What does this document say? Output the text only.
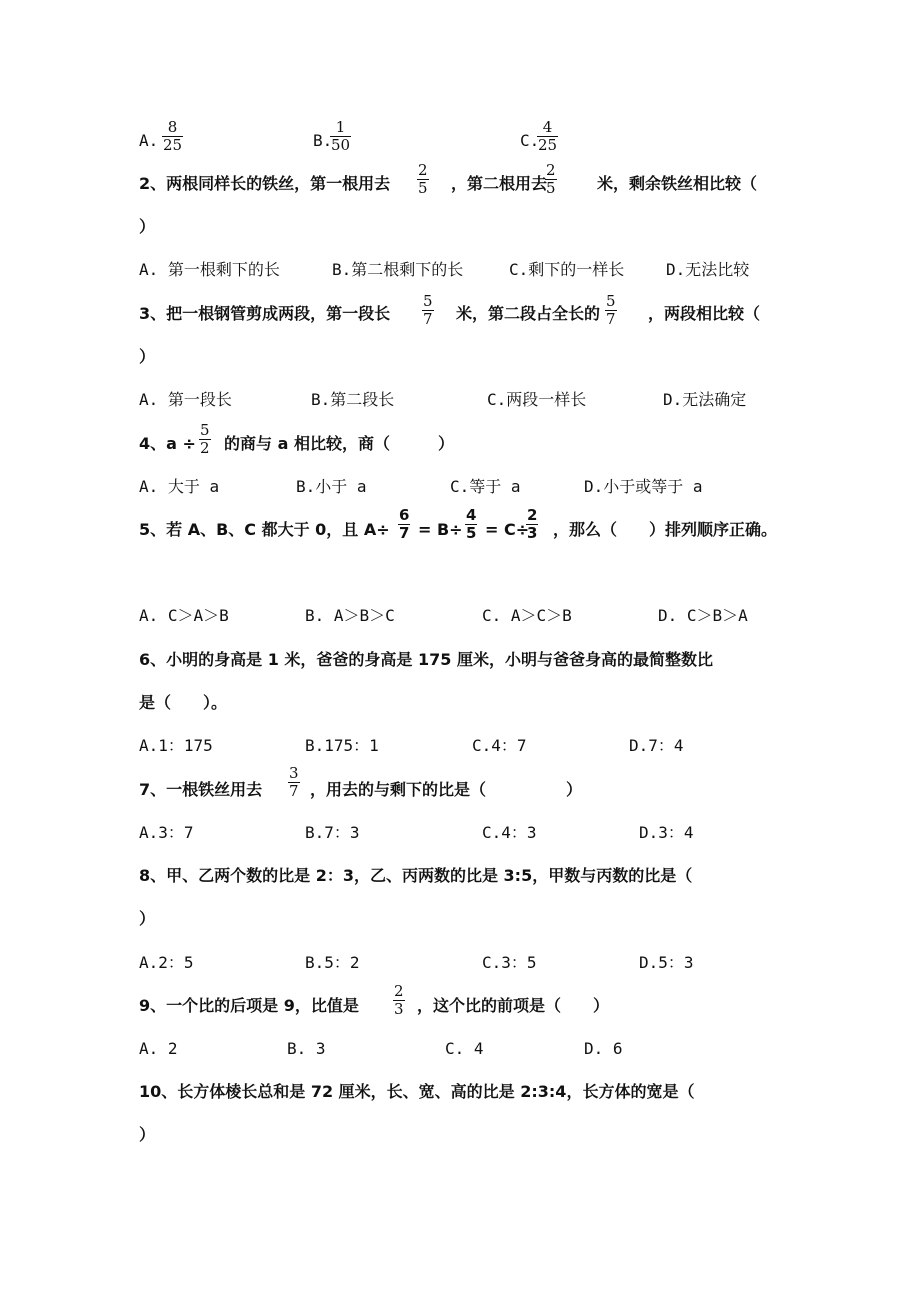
A.
8
25	B.
1
50	C.
4
25
2、两根同样长的铁丝，第一根用去
2
5 ，第二根用去
2
5	米，剩余铁丝相比较（
）
A. 第一根剩下的长	B.第二根剩下的长	C.剩下的一样长	D.无法比较
3、把一根钢管剪成两段，第一段长
5
7 米，第二段占全长的
5
7 ，两段相比较（
）
A. 第一段长	B.第二段长	C.两段一样长	D.无法确定
4、a ÷
5
2 的商与 a 相比较，商（　　　）
A. 大于 a	B.小于 a	C.等于 a	D.小于或等于 a
5、若 A、B、C 都大于 0，且 A÷
6
7 = B÷
4
5 = C÷
2
3 ，那么（　　）排列顺序正确。
A. C＞A＞B	B. A＞B＞C	C. A＞C＞B	D. C＞B＞A
6、小明的身高是 1 米，爸爸的身高是 175 厘米，小明与爸爸身高的最简整数比
是（　　）。
A.1：175	B.175：1	C.4：7	D.7：4
7、一根铁丝用去
3
7 ，用去的与剩下的比是（　　　　　）
A.3：7	B.7：3	C.4：3	D.3：4
8、甲、乙两个数的比是 2：3，乙、丙两数的比是 3:5，甲数与丙数的比是（
）
A.2：5	B.5：2	C.3：5	D.5：3
9、一个比的后项是 9，比值是
2
3 ，这个比的前项是（　　）
A. 2	B. 3	C. 4	D. 6
10、长方体棱长总和是 72 厘米，长、宽、高的比是 2:3:4，长方体的宽是（
）
